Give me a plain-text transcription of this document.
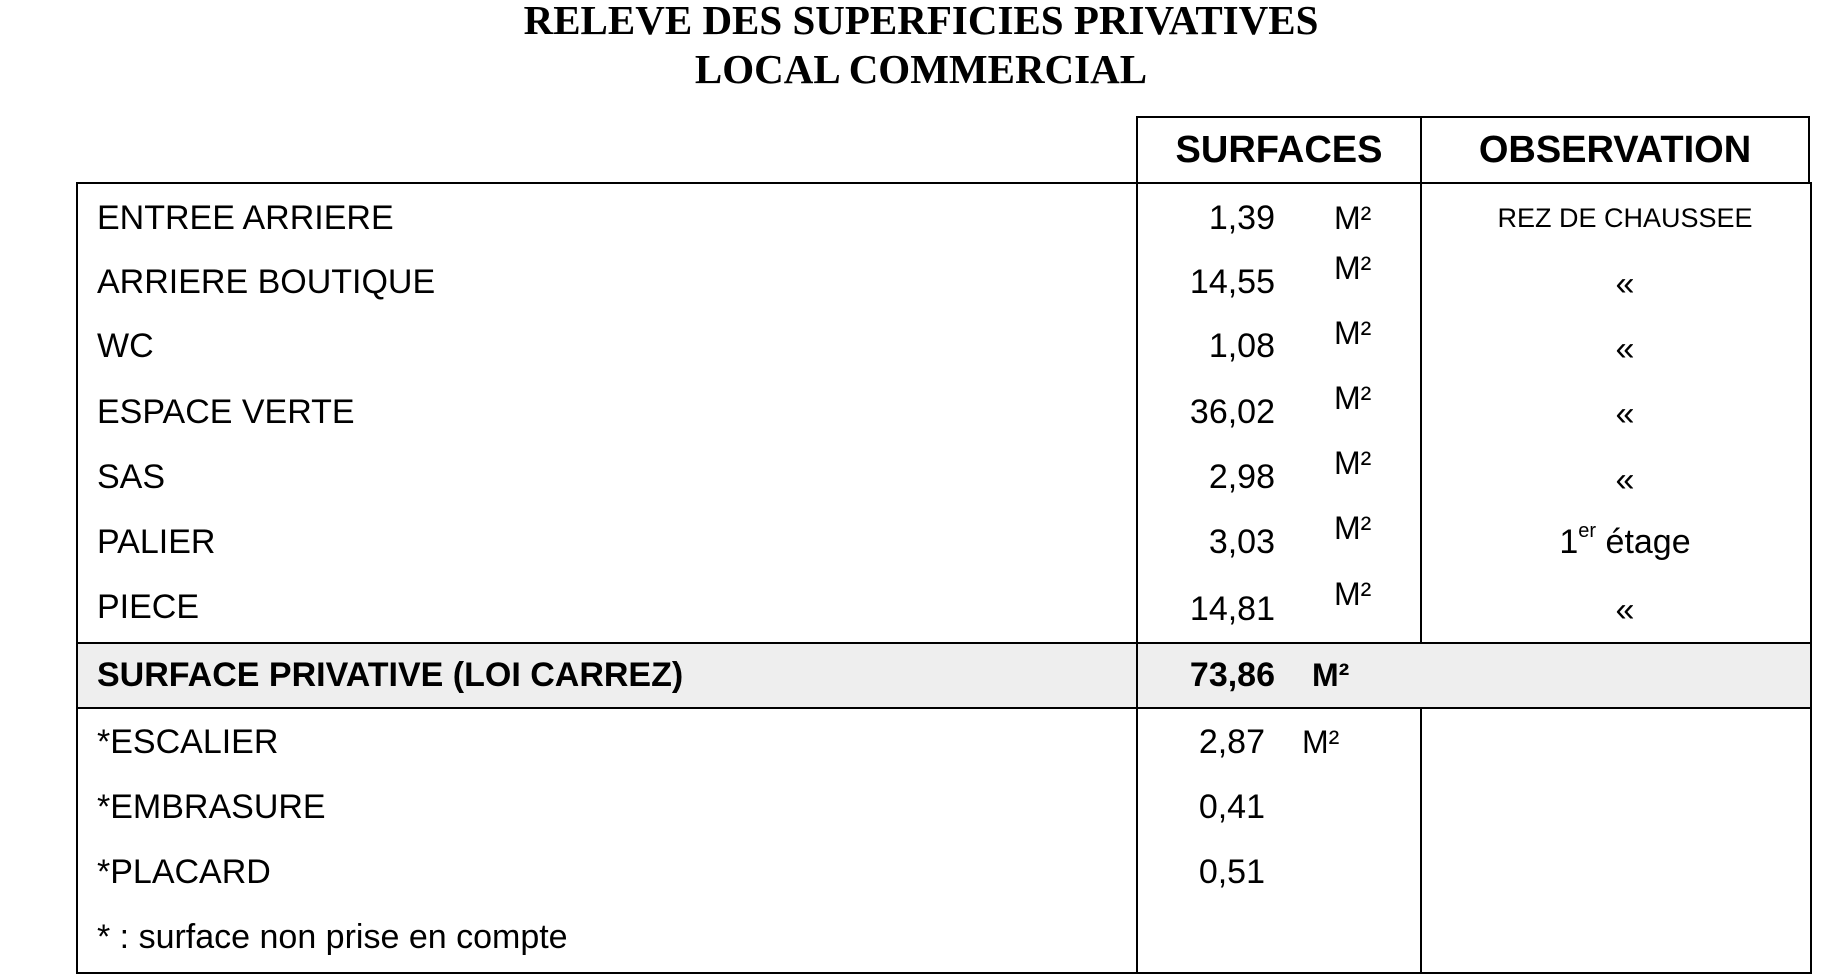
RELEVE DES SUPERFICIES PRIVATIVES
LOCAL COMMERCIAL
SURFACES	OBSERVATION
ENTREE ARRIERE	1,39 M²	REZ DE CHAUSSEE
ARRIERE BOUTIQUE	14,55 M²	«
WC	1,08 M²	«
ESPACE VERTE	36,02 M²	«
SAS	2,98 M²	«
PALIER	3,03 M²	1er étage
PIECE	14,81 M²	«
SURFACE PRIVATIVE (LOI CARREZ)	73,86 M²
*ESCALIER	2,87 M²
*EMBRASURE	0,41
*PLACARD	0,51
* : surface non prise en compte
